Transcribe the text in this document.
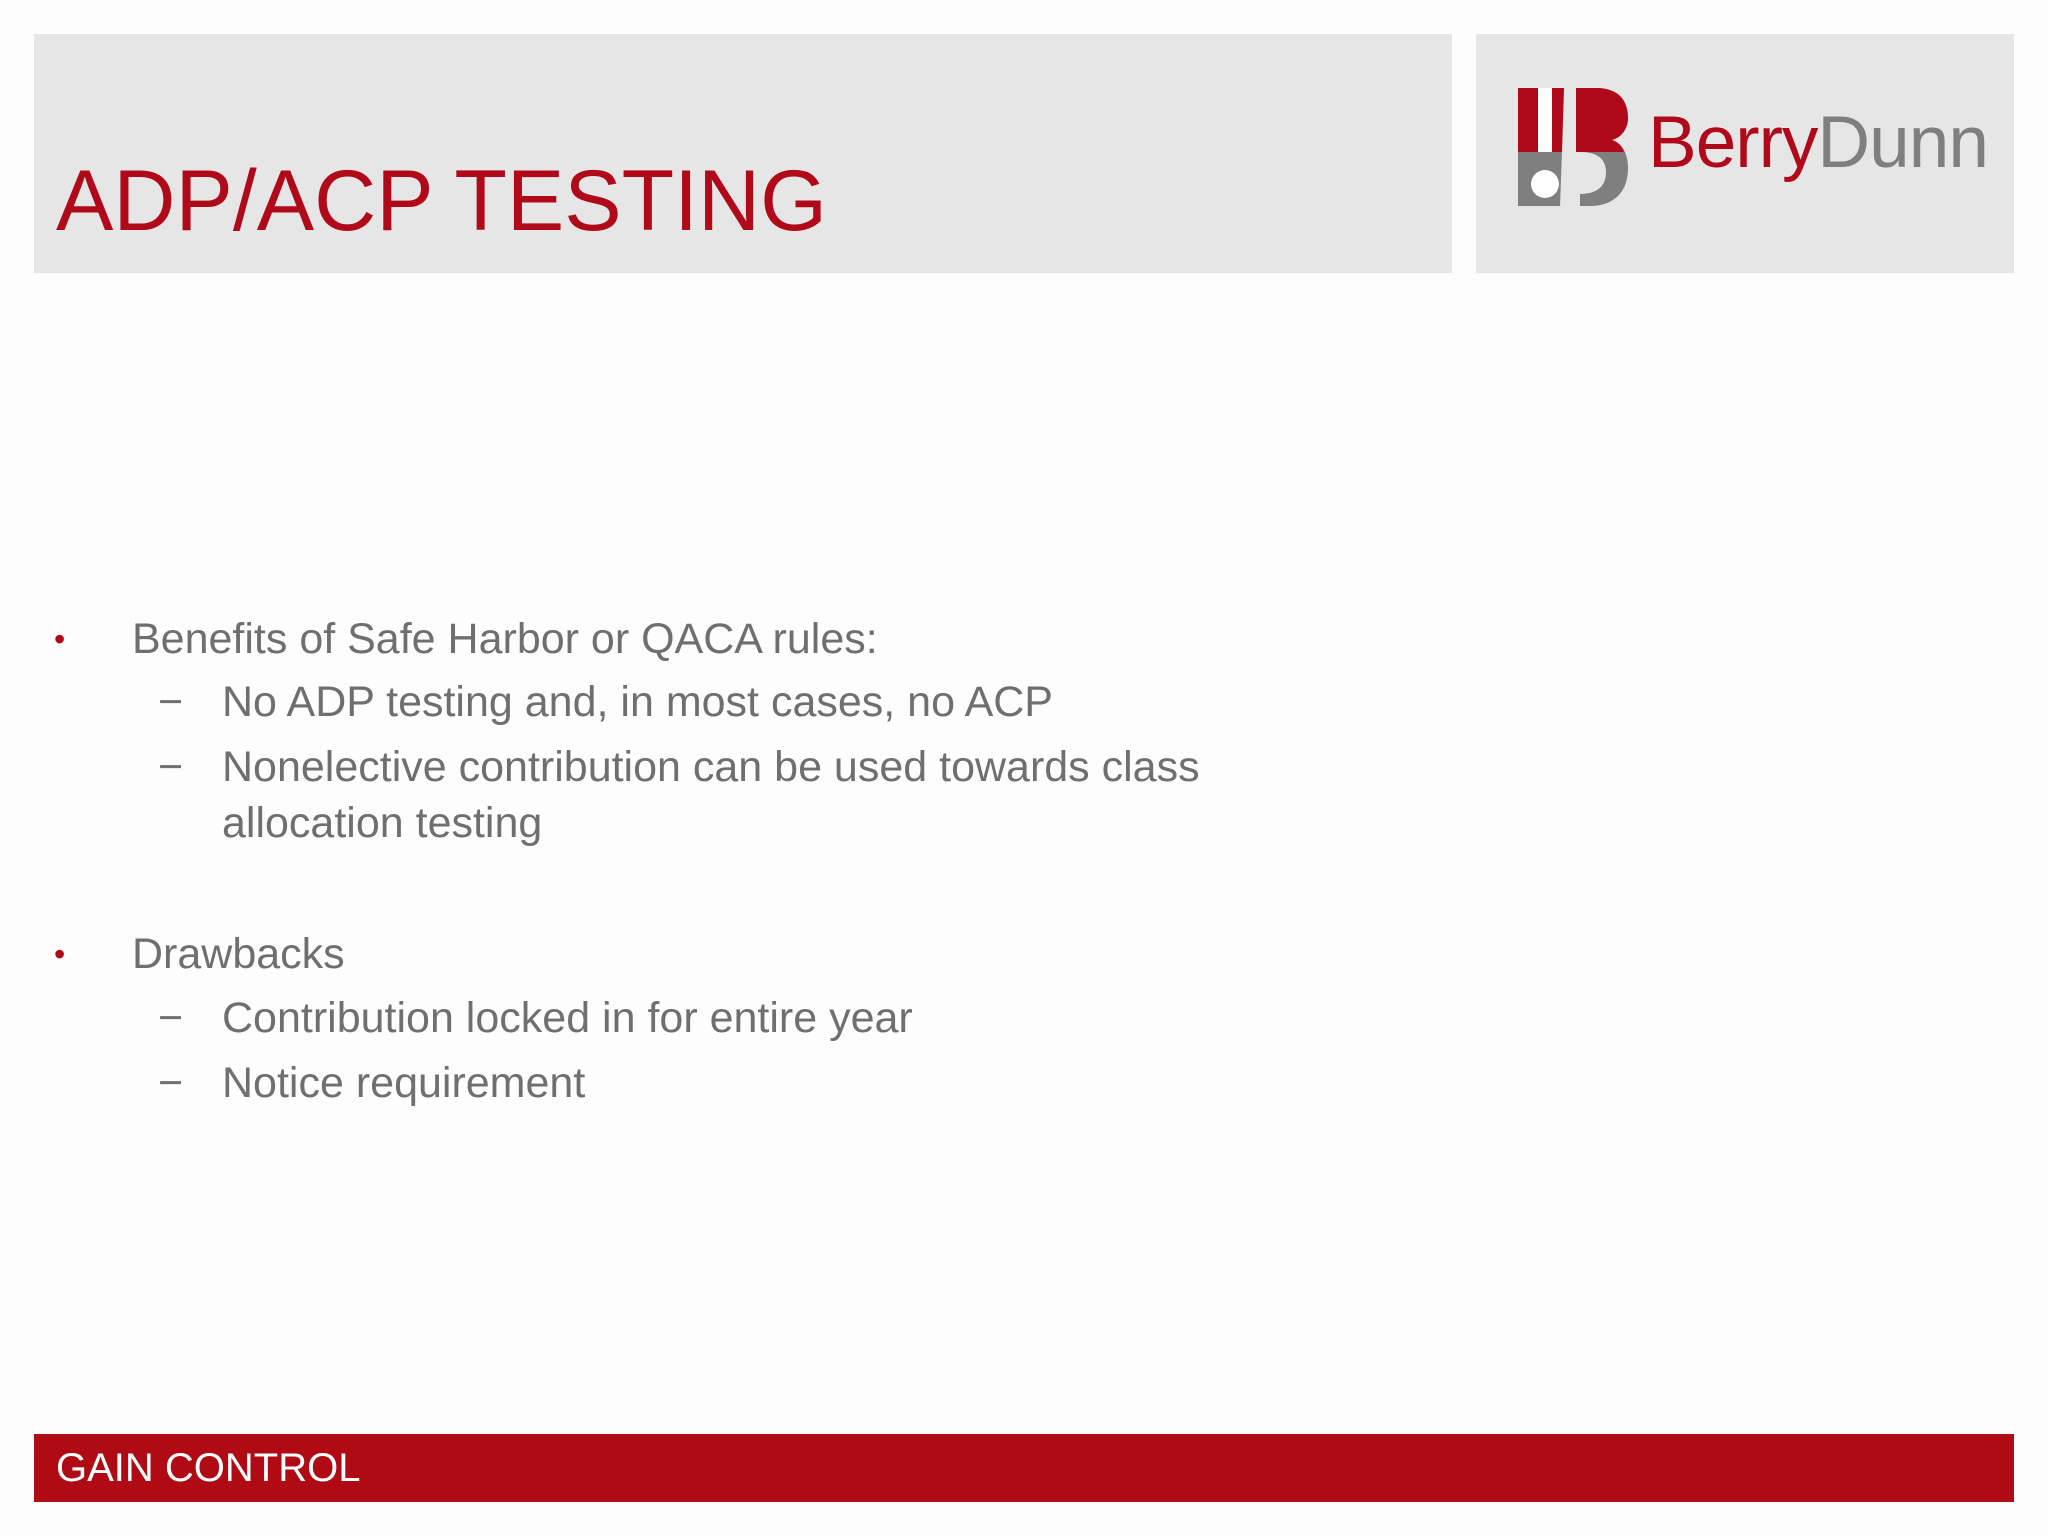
ADP/ACP TESTING
BerryDunn
• Benefits of Safe Harbor or QACA rules:
− No ADP testing and, in most cases, no ACP
− Nonelective contribution can be used towards class
allocation testing
• Drawbacks
− Contribution locked in for entire year
− Notice requirement
GAIN CONTROL
